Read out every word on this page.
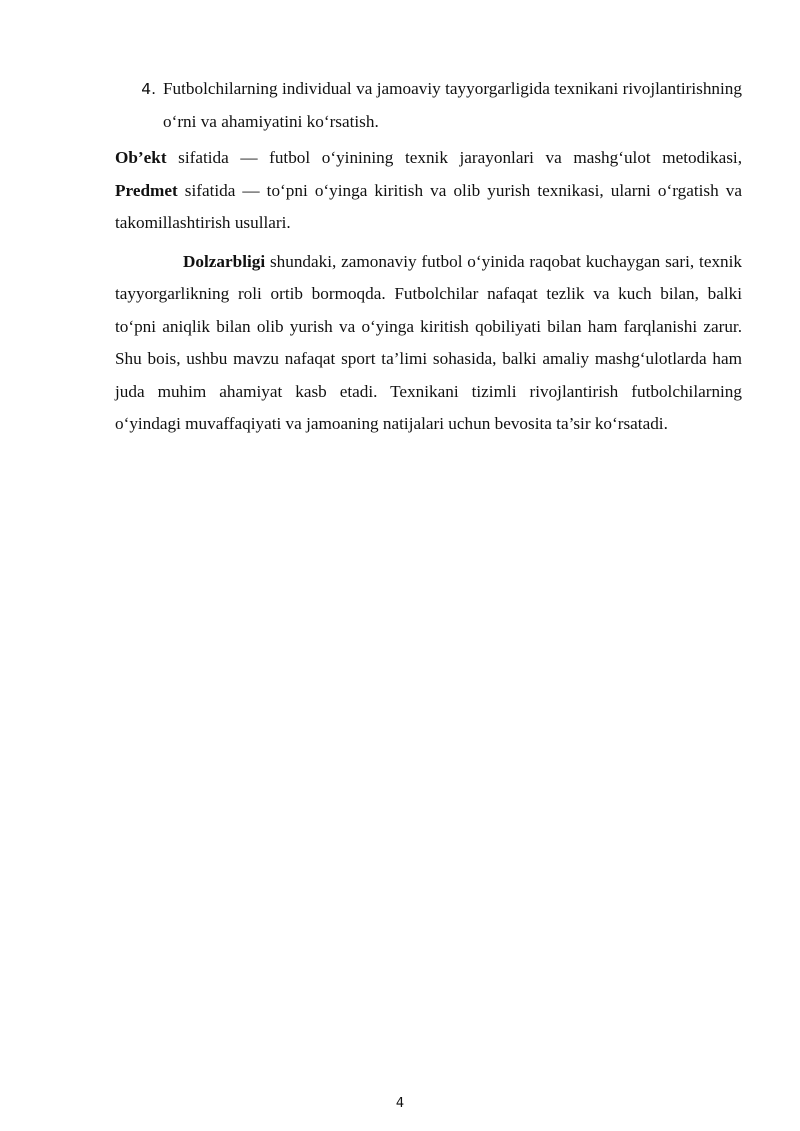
4. Futbolchilarning individual va jamoaviy tayyorgarligida texnikani rivojlantirishning o‘rni va ahamiyatini ko‘rsatish.

Ob’ekt sifatida — futbol o‘yinining texnik jarayonlari va mashg‘ulot metodikasi, Predmet sifatida — to‘pni o‘yinga kiritish va olib yurish texnikasi, ularni o‘rgatish va takomillashtirish usullari.

Dolzarbligi shundaki, zamonaviy futbol o‘yinida raqobat kuchaygan sari, texnik tayyorgarlikning roli ortib bormoqda. Futbolchilar nafaqat tezlik va kuch bilan, balki to‘pni aniqlik bilan olib yurish va o‘yinga kiritish qobiliyati bilan ham farqlanishi zarur. Shu bois, ushbu mavzu nafaqat sport ta’limi sohasida, balki amaliy mashg‘ulotlarda ham juda muhim ahamiyat kasb etadi. Texnikani tizimli rivojlantirish futbolchilarning o‘yindagi muvaffaqiyati va jamoaning natijalari uchun bevosita ta’sir ko‘rsatadi.

4
